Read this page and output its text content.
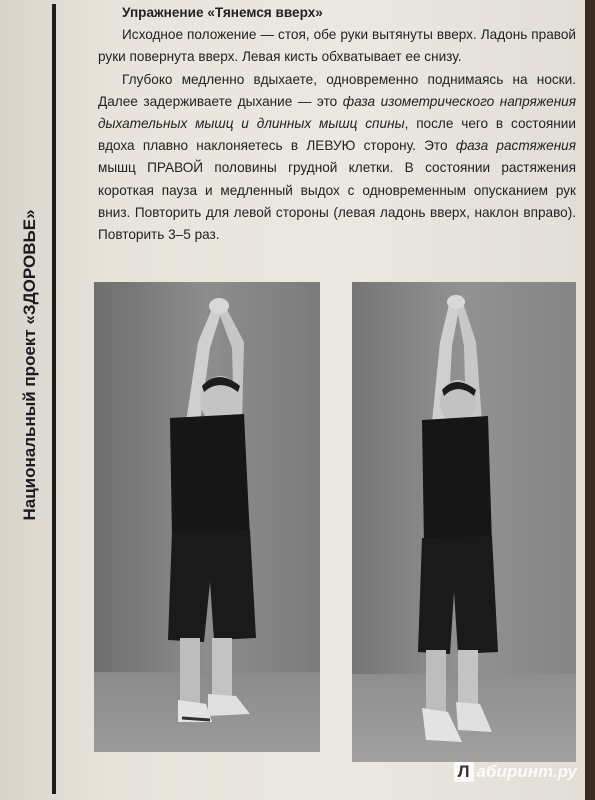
Национальный проект «ЗДОРОВЬЕ»
Упражнение «Тянемся вверх»

Исходное положение — стоя, обе руки вытянуты вверх. Ладонь правой руки повернута вверх. Левая кисть обхватывает ее снизу.

Глубоко медленно вдыхаете, одновременно поднимаясь на носки. Далее задерживаете дыхание — это фаза изометрического напряжения дыхательных мышц и длинных мышц спины, после чего в состоянии вдоха плавно наклоняетесь в ЛЕВУЮ сторону. Это фаза растяжения мышц ПРАВОЙ половины грудной клетки. В состоянии растяжения короткая пауза и медленный выдох с одновременным опусканием рук вниз. Повторить для левой стороны (левая ладонь вверх, наклон вправо). Повторить 3–5 раз.

Л абиринт.ру
